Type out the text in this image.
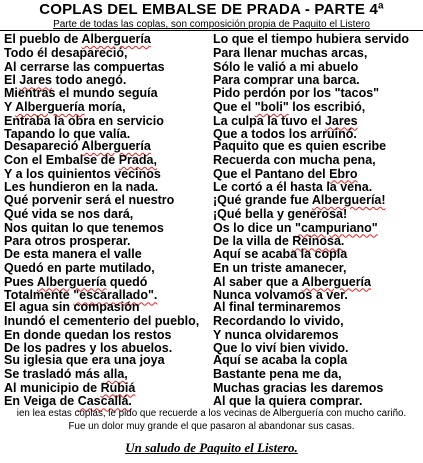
COPLAS DEL EMBALSE DE PRADA - PARTE 4ª
Parte de todas las coplas, son composición propia de Paquito el Listero
El pueblo de Alberguería
Todo él desapareció,
Al cerrarse las compuertas
El Jares todo anegó.
Mientras el mundo seguía
Y Alberguería moría,
Entraba la obra en servicio
Tapando lo que valía.
Desapareció Alberguería
Con el Embalse de Prada,
Y a los quinientos vecinos
Les hundieron en la nada.
Qué porvenir será el nuestro
Qué vida se nos dará,
Nos quitan lo que tenemos
Para otros prosperar.
De esta manera el valle
Quedó en parte mutilado,
Pues Alberguería quedó
Totalmente "escarallado".
El agua sin compasión
Inundó el cementerio del pueblo,
En donde quedan los restos
De los padres y los abuelos.
Su iglesia que era una joya
Se trasladó más alla,
Al municipio de Rubiá
En Veiga de Cascallá.
Lo que el tiempo hubiera servido
Para llenar muchas arcas,
Sólo le valió a mi abuelo
Para comprar una barca.
Pido perdón por los "tacos"
Que el "boli" los escribió,
La culpa la tuvo el Jares
Que a todos los arruinó.
Paquito que es quien escribe
Recuerda con mucha pena,
Que el Pantano del Ebro
Le cortó a él hasta la vena.
¡Qué grande fue Alberguería!
¡Qué bella y generosa!
Os lo dice un "campuriano"
De la villa de Reinosa.
Aquí se acaba la copla
En un triste amanecer,
Al saber que a Alberguería
Nunca volvamos a ver.
Al final terminaremos
Recordando lo vivido,
Y nunca olvidaremos
Que lo viví bien vivido.
Aquí se acaba la copla
Bastante pena me da,
Muchas gracias les daremos
Al que la quiera comprar.
ien lea estas coplas, le pido que recuerde a los vecinas de Alberguería con mucho cariño.
Fue un dolor muy grande el que pasaron al abandonar sus casas.
Un saludo de Paquito el Listero.
